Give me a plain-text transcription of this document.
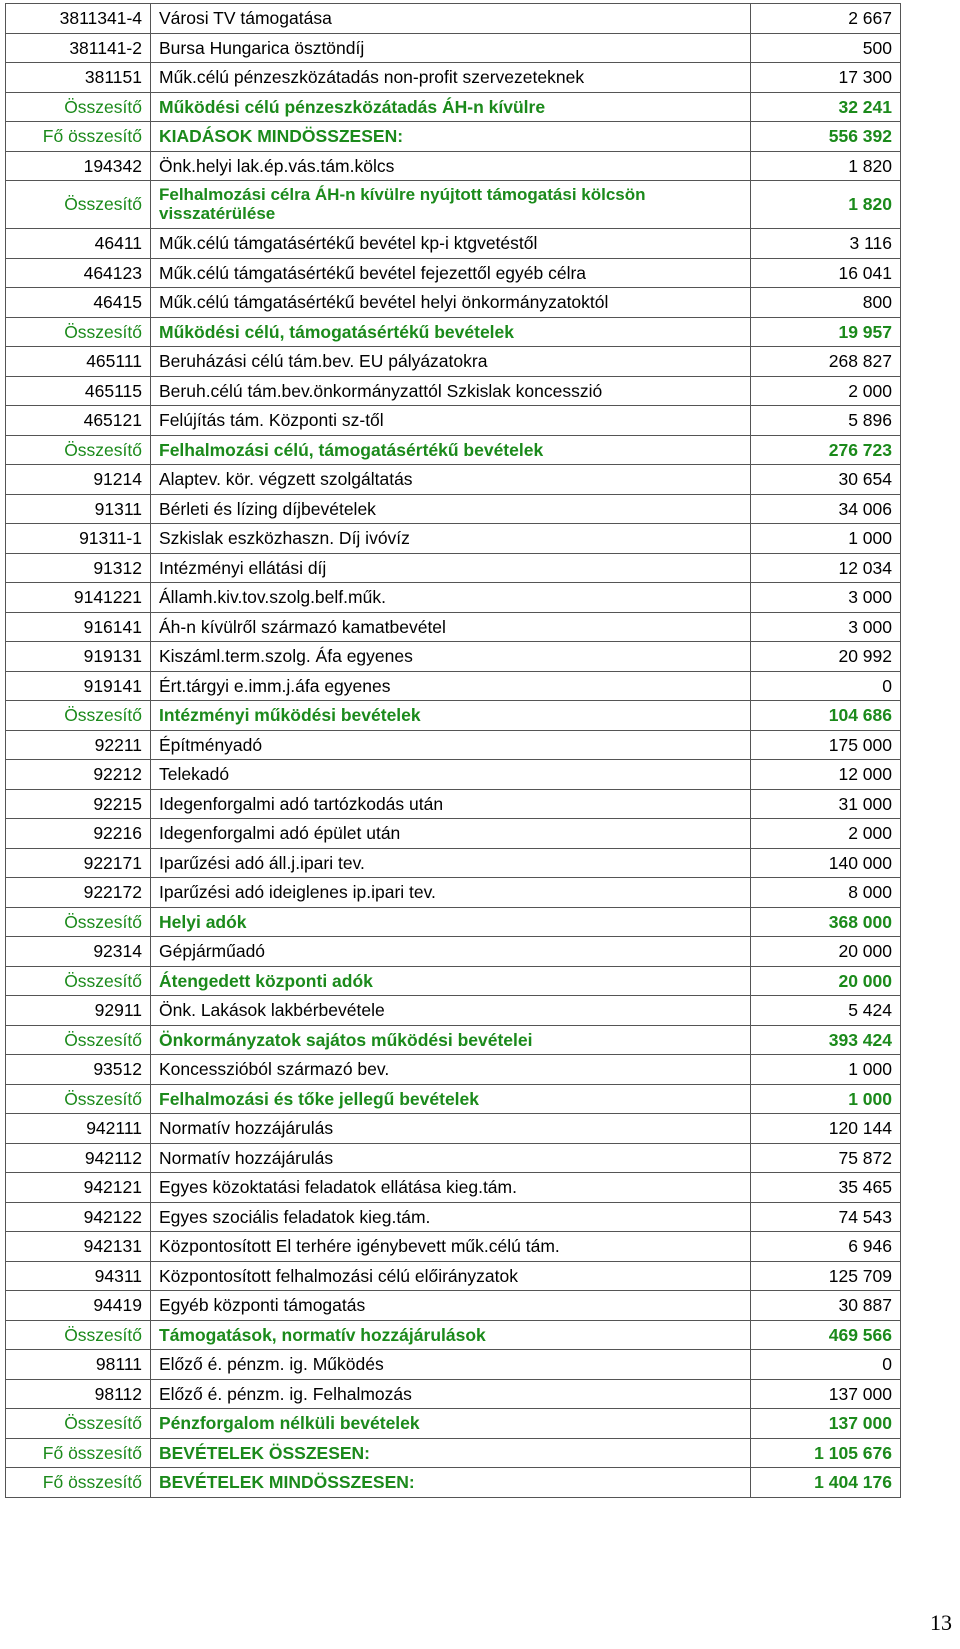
3811341-4	Városi TV támogatása	2 667
381141-2	Bursa Hungarica ösztöndíj	500
381151	Műk.célú pénzeszközátadás non-profit szervezeteknek	17 300
Összesítő	Működési célú pénzeszközátadás ÁH-n kívülre	32 241
Fő összesítő	KIADÁSOK MINDÖSSZESEN:	556 392
194342	Önk.helyi lak.ép.vás.tám.kölcs	1 820
Összesítő	Felhalmozási célra ÁH-n kívülre nyújtott támogatási kölcsön visszatérülése	1 820
46411	Műk.célú támgatásértékű bevétel kp-i ktgvetéstől	3 116
464123	Műk.célú támgatásértékű bevétel fejezettől egyéb célra	16 041
46415	Műk.célú támgatásértékű bevétel helyi önkormányzatoktól	800
Összesítő	Működési célú, támogatásértékű bevételek	19 957
465111	Beruházási célú tám.bev. EU pályázatokra	268 827
465115	Beruh.célú tám.bev.önkormányzattól Szkislak koncesszió	2 000
465121	Felújítás tám. Központi sz-től	5 896
Összesítő	Felhalmozási célú, támogatásértékű bevételek	276 723
91214	Alaptev. kör. végzett szolgáltatás	30 654
91311	Bérleti és lízing díjbevételek	34 006
91311-1	Szkislak eszközhaszn. Díj ivóvíz	1 000
91312	Intézményi ellátási díj	12 034
9141221	Államh.kiv.tov.szolg.belf.műk.	3 000
916141	Áh-n kívülről származó kamatbevétel	3 000
919131	Kiszáml.term.szolg. Áfa egyenes	20 992
919141	Ért.tárgyi e.imm.j.áfa egyenes	0
Összesítő	Intézményi működési bevételek	104 686
92211	Építményadó	175 000
92212	Telekadó	12 000
92215	Idegenforgalmi adó tartózkodás után	31 000
92216	Idegenforgalmi adó épület után	2 000
922171	Iparűzési adó áll.j.ipari tev.	140 000
922172	Iparűzési adó ideiglenes ip.ipari tev.	8 000
Összesítő	Helyi adók	368 000
92314	Gépjárműadó	20 000
Összesítő	Átengedett központi adók	20 000
92911	Önk. Lakások lakbérbevétele	5 424
Összesítő	Önkormányzatok sajátos működési bevételei	393 424
93512	Koncesszióból származó bev.	1 000
Összesítő	Felhalmozási és tőke jellegű bevételek	1 000
942111	Normatív hozzájárulás	120 144
942112	Normatív hozzájárulás	75 872
942121	Egyes közoktatási feladatok ellátása kieg.tám.	35 465
942122	Egyes szociális feladatok kieg.tám.	74 543
942131	Központosított El terhére igénybevett műk.célú tám.	6 946
94311	Központosított felhalmozási célú előirányzatok	125 709
94419	Egyéb központi támogatás	30 887
Összesítő	Támogatások, normatív hozzájárulások	469 566
98111	Előző é. pénzm. ig. Működés	0
98112	Előző é. pénzm. ig. Felhalmozás	137 000
Összesítő	Pénzforgalom nélküli bevételek	137 000
Fő összesítő	BEVÉTELEK ÖSSZESEN:	1 105 676
Fő összesítő	BEVÉTELEK MINDÖSSZESEN:	1 404 176
13
